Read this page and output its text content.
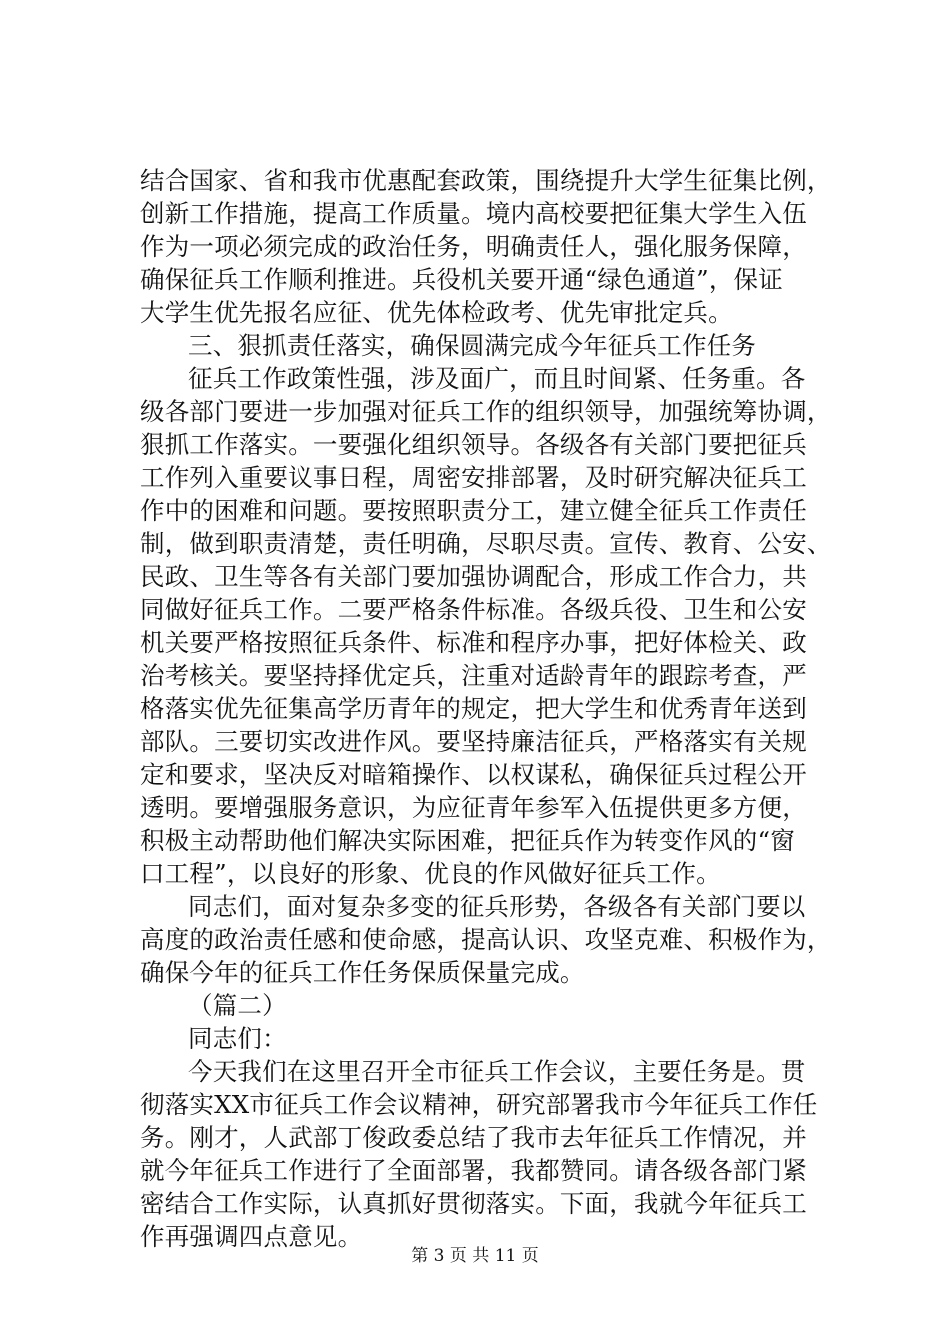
结合国家、省和我市优惠配套政策，围绕提升大学生征集比例，
创新工作措施，提高工作质量。境内高校要把征集大学生入伍
作为一项必须完成的政治任务，明确责任人，强化服务保障，
确保征兵工作顺利推进。兵役机关要开通“绿色通道”，保证
大学生优先报名应征、优先体检政考、优先审批定兵。
三、狠抓责任落实，确保圆满完成今年征兵工作任务
征兵工作政策性强，涉及面广，而且时间紧、任务重。各
级各部门要进一步加强对征兵工作的组织领导，加强统筹协调，
狠抓工作落实。一要强化组织领导。各级各有关部门要把征兵
工作列入重要议事日程，周密安排部署，及时研究解决征兵工
作中的困难和问题。要按照职责分工，建立健全征兵工作责任
制，做到职责清楚，责任明确，尽职尽责。宣传、教育、公安、
民政、卫生等各有关部门要加强协调配合，形成工作合力，共
同做好征兵工作。二要严格条件标准。各级兵役、卫生和公安
机关要严格按照征兵条件、标准和程序办事，把好体检关、政
治考核关。要坚持择优定兵，注重对适龄青年的跟踪考查，严
格落实优先征集高学历青年的规定，把大学生和优秀青年送到
部队。三要切实改进作风。要坚持廉洁征兵，严格落实有关规
定和要求，坚决反对暗箱操作、以权谋私，确保征兵过程公开
透明。要增强服务意识，为应征青年参军入伍提供更多方便，
积极主动帮助他们解决实际困难，把征兵作为转变作风的“窗
口工程”，以良好的形象、优良的作风做好征兵工作。
同志们，面对复杂多变的征兵形势，各级各有关部门要以
高度的政治责任感和使命感，提高认识、攻坚克难、积极作为，
确保今年的征兵工作任务保质保量完成。
（篇二）
同志们：
今天我们在这里召开全市征兵工作会议，主要任务是。贯
彻落实XX市征兵工作会议精神，研究部署我市今年征兵工作任
务。刚才，人武部丁俊政委总结了我市去年征兵工作情况，并
就今年征兵工作进行了全面部署，我都赞同。请各级各部门紧
密结合工作实际，认真抓好贯彻落实。下面，我就今年征兵工
作再强调四点意见。
第 3 页 共 11 页
